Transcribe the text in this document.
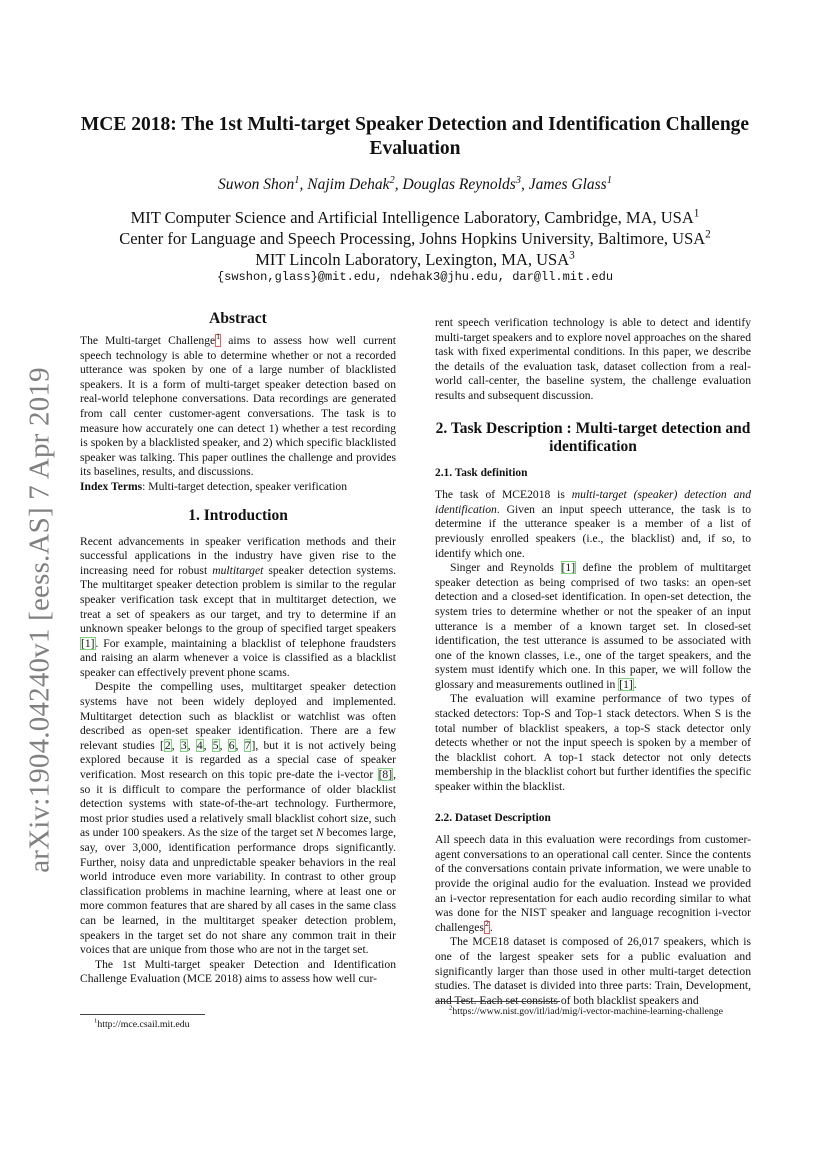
arXiv:1904.04240v1 [eess.AS] 7 Apr 2019
MCE 2018: The 1st Multi-target Speaker Detection and Identification Challenge Evaluation
Suwon Shon$^1$, Najim Dehak$^2$, Douglas Reynolds$^3$, James Glass$^1$
MIT Computer Science and Artificial Intelligence Laboratory, Cambridge, MA, USA$^1$
Center for Language and Speech Processing, Johns Hopkins University, Baltimore, USA$^2$
MIT Lincoln Laboratory, Lexington, MA, USA$^3$
{swshon,glass}@mit.edu, ndehak3@jhu.edu, dar@ll.mit.edu
Abstract

The Multi-target Challenge$^1$ aims to assess how well current speech technology is able to determine whether or not a recorded utterance was spoken by one of a large number of blacklisted speakers. It is a form of multi-target speaker detection based on real-world telephone conversations. Data recordings are generated from call center customer-agent conversations. The task is to measure how accurately one can detect 1) whether a test recording is spoken by a blacklisted speaker, and 2) which specific blacklisted speaker was talking. This paper outlines the challenge and provides its baselines, results, and discussions.

Index Terms: Multi-target detection, speaker verification

1. Introduction

Recent advancements in speaker verification methods and their successful applications in the industry have given rise to the increasing need for robust multitarget speaker detection systems. The multitarget speaker detection problem is similar to the regular speaker verification task except that in multitarget detection, we treat a set of speakers as our target, and try to determine if an unknown speaker belongs to the group of specified target speakers [1]. For example, maintaining a blacklist of telephone fraudsters and raising an alarm whenever a voice is classified as a blacklist speaker can effectively prevent phone scams.

Despite the compelling uses, multitarget speaker detection systems have not been widely deployed and implemented. Multitarget detection such as blacklist or watchlist was often described as open-set speaker identification. There are a few relevant studies [2, 3, 4, 5, 6, 7], but it is not actively being explored because it is regarded as a special case of speaker verification. Most research on this topic pre-date the i-vector [8], so it is difficult to compare the performance of older blacklist detection systems with state-of-the-art technology. Furthermore, most prior studies used a relatively small blacklist cohort size, such as under 100 speakers. As the size of the target set N becomes large, say, over 3,000, identification performance drops significantly. Further, noisy data and unpredictable speaker behaviors in the real world introduce even more variability. In contrast to other group classification problems in machine learning, where at least one or more common features that are shared by all cases in the same class can be learned, in the multitarget speaker detection problem, speakers in the target set do not share any common trait in their voices that are unique from those who are not in the target set.

The 1st Multi-target speaker Detection and Identification Challenge Evaluation (MCE 2018) aims to assess how well cur-

rent speech verification technology is able to detect and identify multi-target speakers and to explore novel approaches on the shared task with fixed experimental conditions. In this paper, we describe the details of the evaluation task, dataset collection from a real-world call-center, the baseline system, the challenge evaluation results and subsequent discussion.

2. Task Description : Multi-target detection and identification
2.1. Task definition

The task of MCE2018 is multi-target (speaker) detection and identification. Given an input speech utterance, the task is to determine if the utterance speaker is a member of a list of previously enrolled speakers (i.e., the blacklist) and, if so, to identify which one.

Singer and Reynolds [1] define the problem of multitarget speaker detection as being comprised of two tasks: an open-set detection and a closed-set identification. In open-set detection, the system tries to determine whether or not the speaker of an input utterance is a member of a known target set. In closed-set identification, the test utterance is assumed to be associated with one of the known classes, i.e., one of the target speakers, and the system must identify which one. In this paper, we will follow the glossary and measurements outlined in [1].

The evaluation will examine performance of two types of stacked detectors: Top-S and Top-1 stack detectors. When S is the total number of blacklist speakers, a top-S stack detector only detects whether or not the input speech is spoken by a member of the blacklist cohort. A top-1 stack detector not only detects membership in the blacklist cohort but further identifies the specific speaker within the blacklist.

2.2. Dataset Description

All speech data in this evaluation were recordings from customer-agent conversations to an operational call center. Since the contents of the conversations contain private information, we were unable to provide the original audio for the evaluation. Instead we provided an i-vector representation for each audio recording similar to what was done for the NIST speaker and language recognition i-vector challenges$^2$.

The MCE18 dataset is composed of 26,017 speakers, which is one of the largest speaker sets for a public evaluation and significantly larger than those used in other multi-target detection studies. The dataset is divided into three parts: Train, Development, and Test. Each set consists of both blacklist speakers and

$^1$http://mce.csail.mit.edu
$^2$https://www.nist.gov/itl/iad/mig/i-vector-machine-learning-challenge
